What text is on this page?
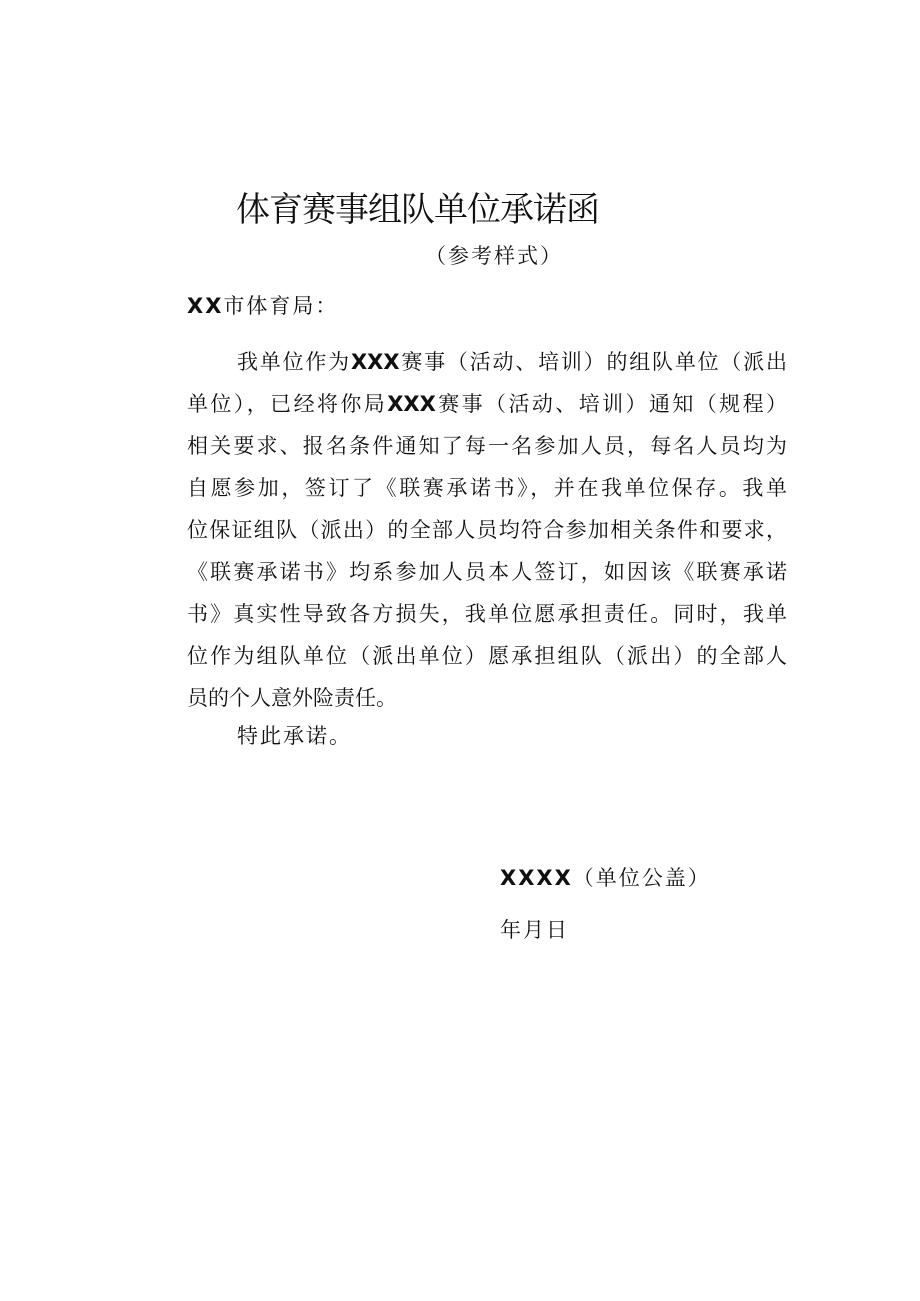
体育赛事组队单位承诺函
（参考样式）
XX市体育局：
我单位作为XXX赛事（活动、培训）的组队单位（派出
单位），已经将你局XXX赛事（活动、培训）通知（规程）
相关要求、报名条件通知了每一名参加人员，每名人员均为
自愿参加，签订了《联赛承诺书》，并在我单位保存。我单
位保证组队（派出）的全部人员均符合参加相关条件和要求，
《联赛承诺书》均系参加人员本人签订，如因该《联赛承诺
书》真实性导致各方损失，我单位愿承担责任。同时，我单
位作为组队单位（派出单位）愿承担组队（派出）的全部人
员的个人意外险责任。
特此承诺。
XXXX（单位公盖）
年月日
